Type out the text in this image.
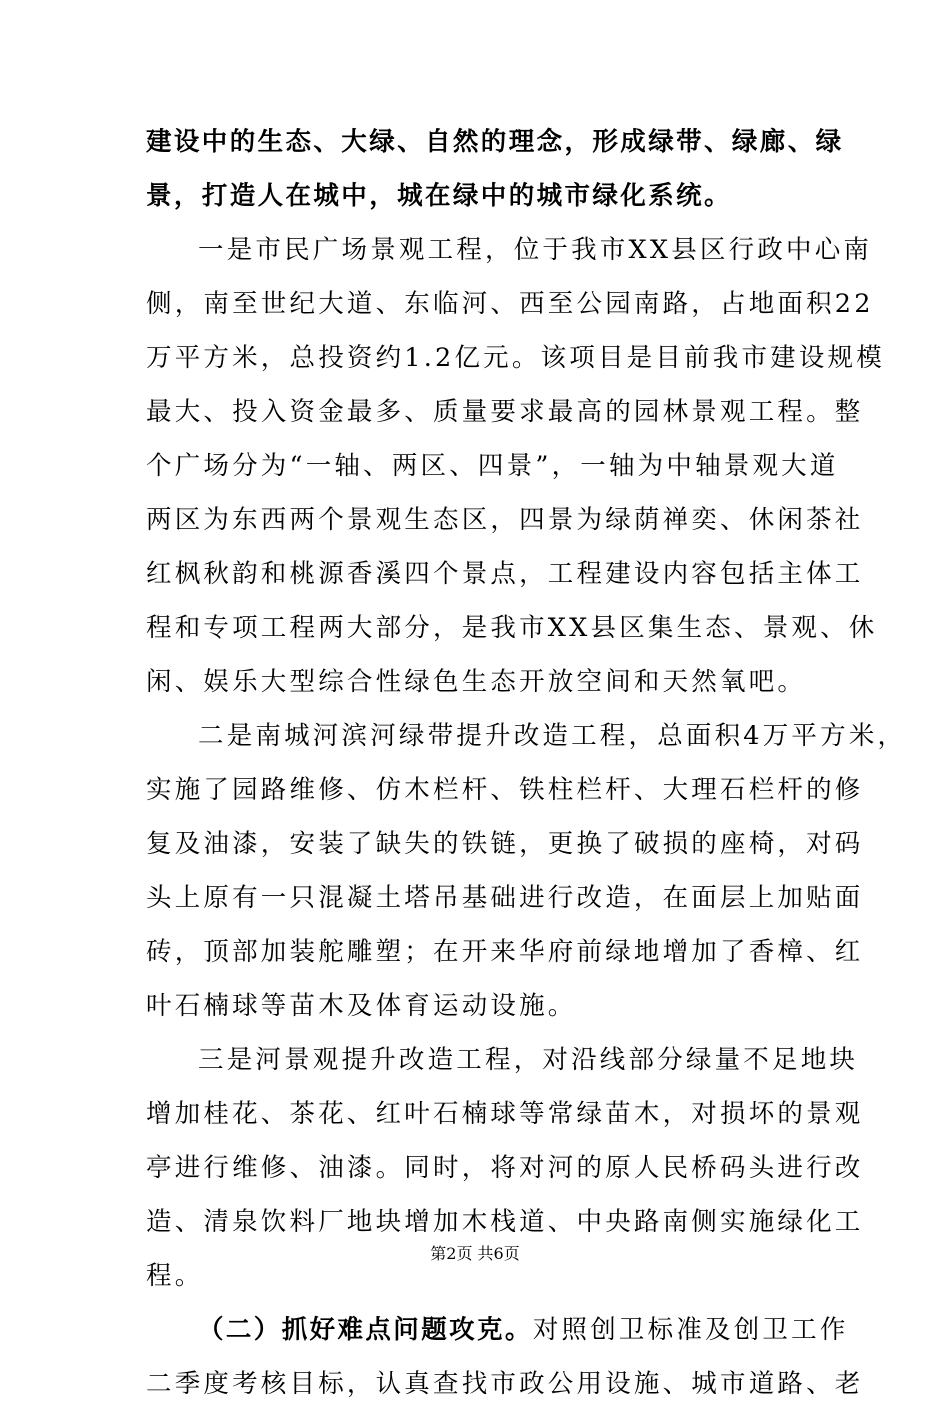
建设中的生态、大绿、自然的理念，形成绿带、绿廊、绿
景，打造人在城中，城在绿中的城市绿化系统。
一是市民广场景观工程，位于我市XX县区行政中心南
侧，南至世纪大道、东临河、西至公园南路，占地面积22
万平方米，总投资约1.2亿元。该项目是目前我市建设规模
最大、投入资金最多、质量要求最高的园林景观工程。整
个广场分为“一轴、两区、四景”，一轴为中轴景观大道
两区为东西两个景观生态区，四景为绿荫禅奕、休闲茶社
红枫秋韵和桃源香溪四个景点，工程建设内容包括主体工
程和专项工程两大部分，是我市XX县区集生态、景观、休
闲、娱乐大型综合性绿色生态开放空间和天然氧吧。
二是南城河滨河绿带提升改造工程，总面积4万平方米，
实施了园路维修、仿木栏杆、铁柱栏杆、大理石栏杆的修
复及油漆，安装了缺失的铁链，更换了破损的座椅，对码
头上原有一只混凝土塔吊基础进行改造，在面层上加贴面
砖，顶部加装舵雕塑；在开来华府前绿地增加了香樟、红
叶石楠球等苗木及体育运动设施。
三是河景观提升改造工程，对沿线部分绿量不足地块
增加桂花、茶花、红叶石楠球等常绿苗木，对损坏的景观
亭进行维修、油漆。同时，将对河的原人民桥码头进行改
造、清泉饮料厂地块增加木栈道、中央路南侧实施绿化工
程。
（二）抓好难点问题攻克。对照创卫标准及创卫工作
二季度考核目标，认真查找市政公用设施、城市道路、老
第2页 共6页
